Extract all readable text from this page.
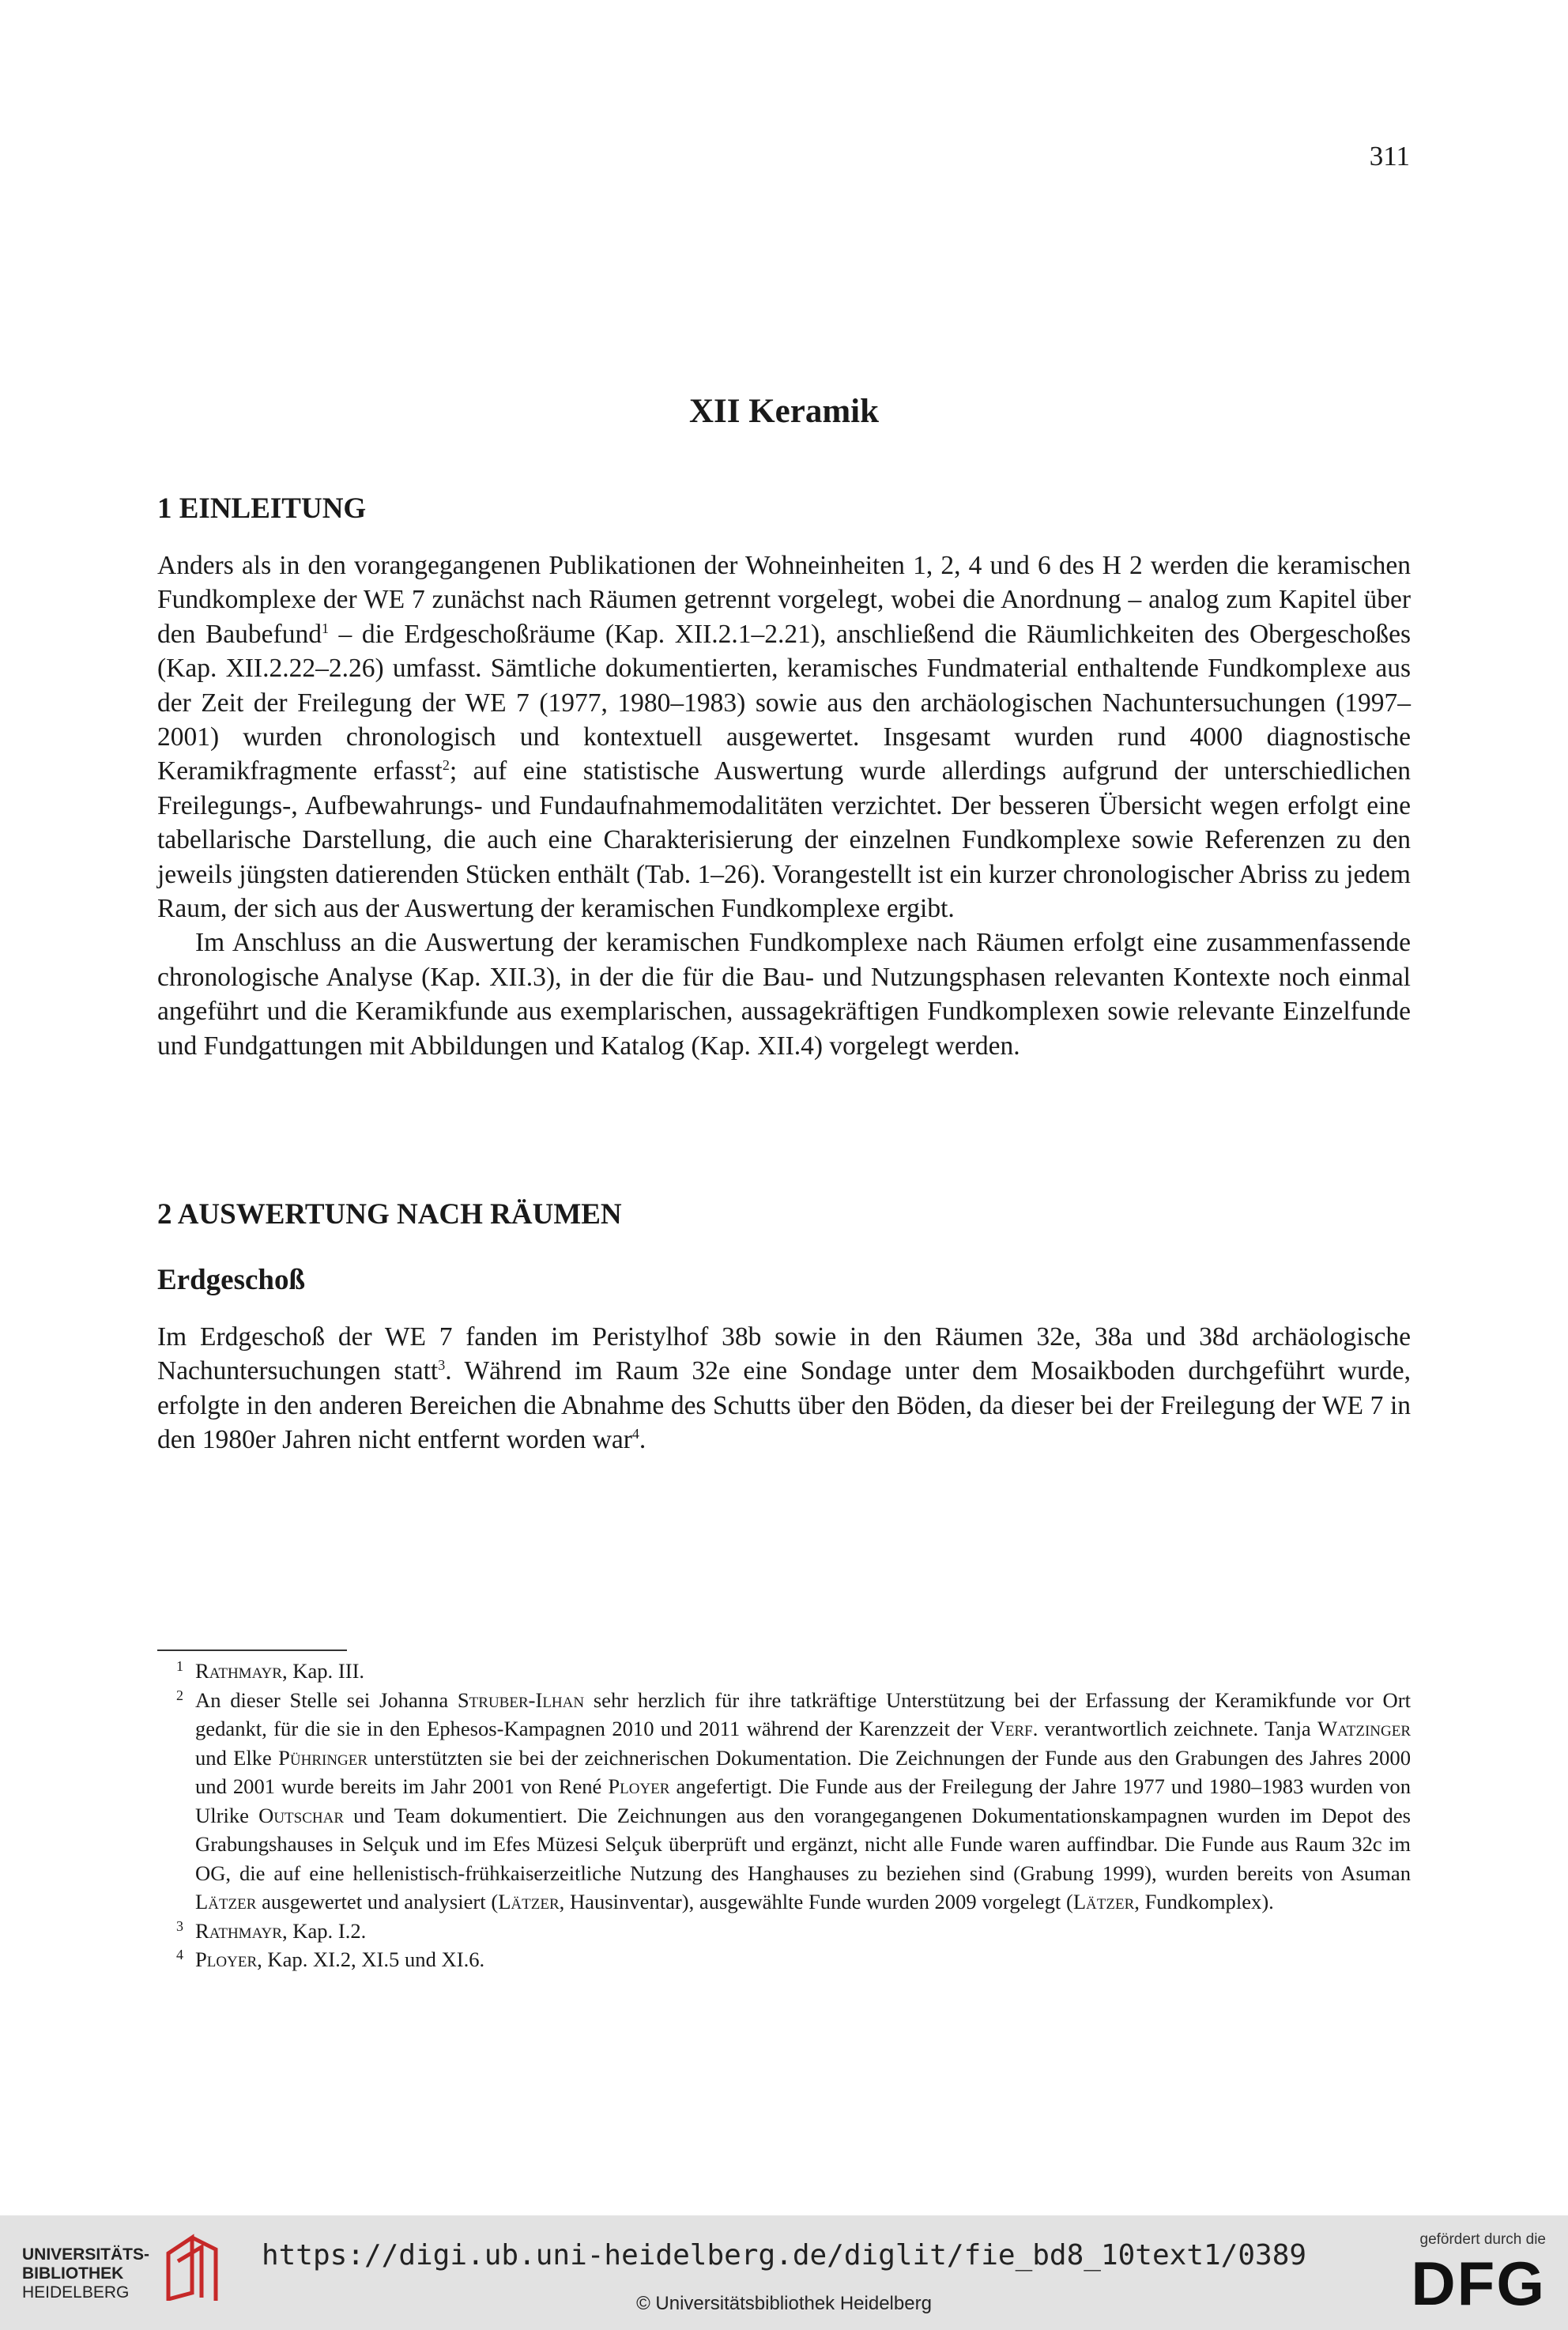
311
XII Keramik
1 EINLEITUNG

Anders als in den vorangegangenen Publikationen der Wohneinheiten 1, 2, 4 und 6 des H 2 werden die keramischen Fundkomplexe der WE 7 zunächst nach Räumen getrennt vorgelegt, wobei die Anordnung – analog zum Kapitel über den Baubefund$^1$ – die Erdgeschoßräume (Kap. XII.2.1–2.21), anschließend die Räumlichkeiten des Obergeschoßes (Kap. XII.2.22–2.26) umfasst. Sämtliche dokumentierten, keramisches Fundmaterial enthaltende Fundkomplexe aus der Zeit der Freilegung der WE 7 (1977, 1980–1983) sowie aus den archäologischen Nachuntersuchungen (1997–2001) wurden chronologisch und kontextuell ausgewertet. Insgesamt wurden rund 4000 diagnostische Keramikfragmente erfasst$^2$; auf eine statistische Auswertung wurde allerdings aufgrund der unterschiedlichen Freilegungs-, Aufbewahrungs- und Fundaufnahmemodalitäten verzichtet. Der besseren Übersicht wegen erfolgt eine tabellarische Darstellung, die auch eine Charakterisierung der einzelnen Fundkomplexe sowie Referenzen zu den jeweils jüngsten datierenden Stücken enthält (Tab. 1–26). Vorangestellt ist ein kurzer chronologischer Abriss zu jedem Raum, der sich aus der Auswertung der keramischen Fundkomplexe ergibt.

Im Anschluss an die Auswertung der keramischen Fundkomplexe nach Räumen erfolgt eine zusammenfassende chronologische Analyse (Kap. XII.3), in der die für die Bau- und Nutzungsphasen relevanten Kontexte noch einmal angeführt und die Keramikfunde aus exemplarischen, aussagekräftigen Fundkomplexen sowie relevante Einzelfunde und Fundgattungen mit Abbildungen und Katalog (Kap. XII.4) vorgelegt werden.

2 AUSWERTUNG NACH RÄUMEN
Erdgeschoß

Im Erdgeschoß der WE 7 fanden im Peristylhof 38b sowie in den Räumen 32e, 38a und 38d archäologische Nachuntersuchungen statt$^3$. Während im Raum 32e eine Sondage unter dem Mosaikboden durchgeführt wurde, erfolgte in den anderen Bereichen die Abnahme des Schutts über den Böden, da dieser bei der Freilegung der WE 7 in den 1980er Jahren nicht entfernt worden war$^4$.

1 Rathmayr, Kap. III.
2 An dieser Stelle sei Johanna Struber-Ilhan sehr herzlich für ihre tatkräftige Unterstützung bei der Erfassung der Keramikfunde vor Ort gedankt, für die sie in den Ephesos-Kampagnen 2010 und 2011 während der Karenzzeit der Verf. verantwortlich zeichnete. Tanja Watzinger und Elke Pühringer unterstützten sie bei der zeichnerischen Dokumentation. Die Zeichnungen der Funde aus den Grabungen des Jahres 2000 und 2001 wurde bereits im Jahr 2001 von René Ployer angefertigt. Die Funde aus der Freilegung der Jahre 1977 und 1980–1983 wurden von Ulrike Outschar und Team dokumentiert. Die Zeichnungen aus den vorangegangenen Dokumentationskampagnen wurden im Depot des Grabungshauses in Selçuk und im Efes Müzesi Selçuk überprüft und ergänzt, nicht alle Funde waren auffindbar. Die Funde aus Raum 32c im OG, die auf eine hellenistisch-frühkaiserzeitliche Nutzung des Hanghauses zu beziehen sind (Grabung 1999), wurden bereits von Asuman Lätzer ausgewertet und analysiert (Lätzer, Hausinventar), ausgewählte Funde wurden 2009 vorgelegt (Lätzer, Fundkomplex).
3 Rathmayr, Kap. I.2.
4 Ployer, Kap. XI.2, XI.5 und XI.6.
UNIVERSITÄTS-
BIBLIOTHEK
HEIDELBERG
https://digi.ub.uni-heidelberg.de/diglit/fie_bd8_10text1/0389
© Universitätsbibliothek Heidelberg
gefördert durch die
DFG
